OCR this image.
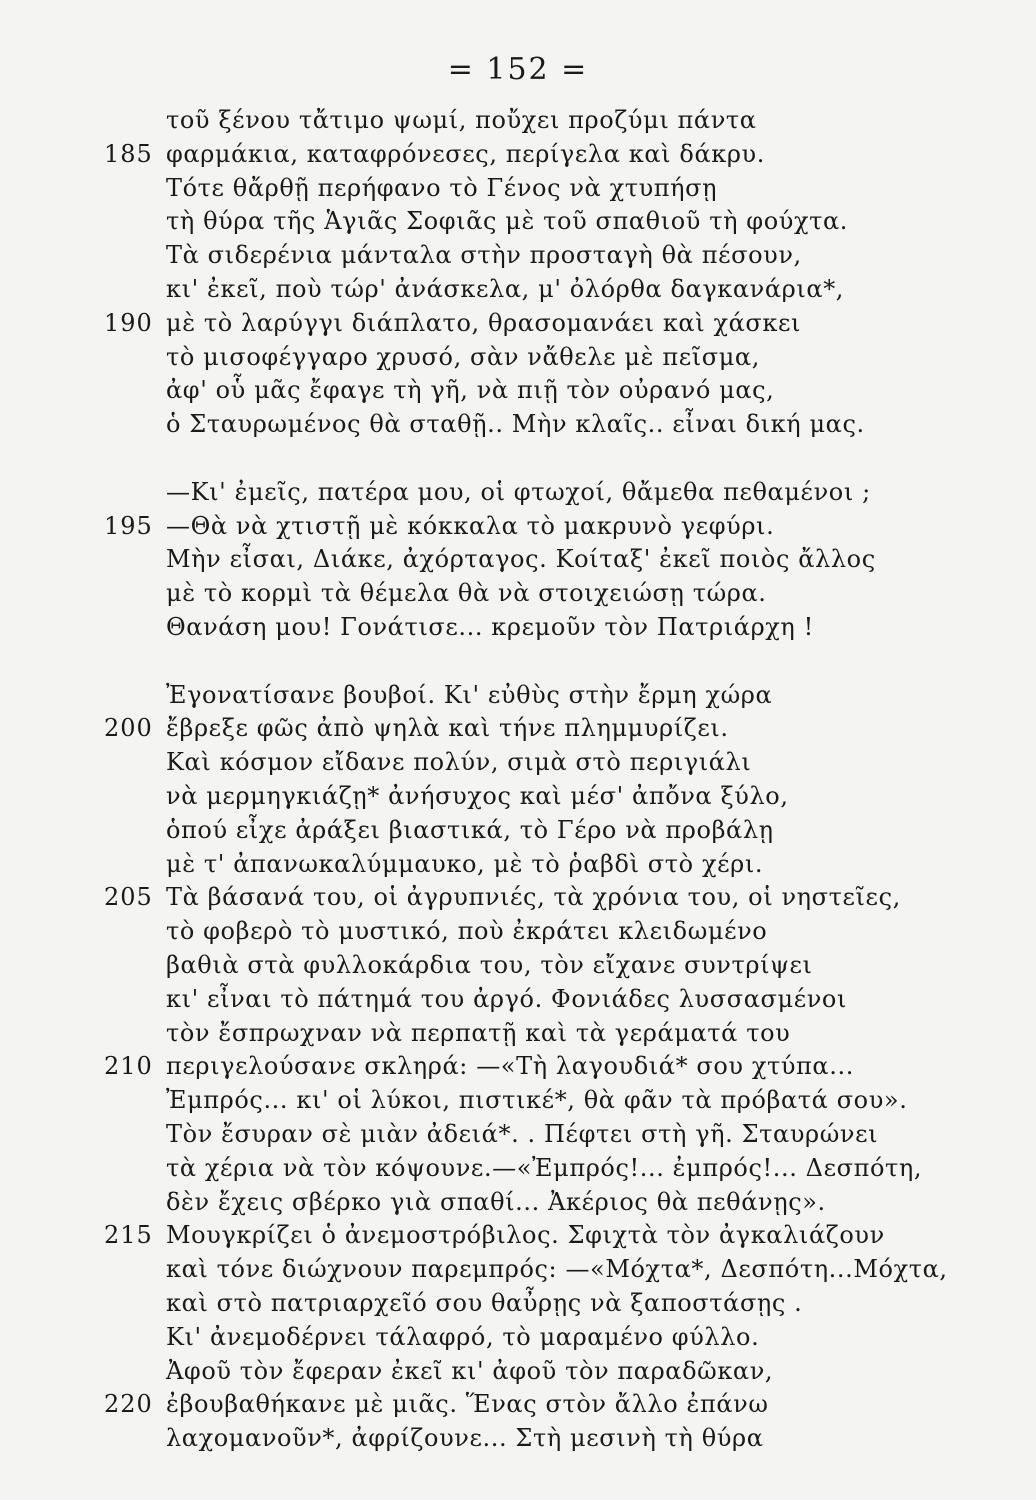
= 152 =
τοῦ ξένου τἄτιμο ψωμί, ποὔχει προζύμι πάντα
185 φαρμάκια, καταφρόνεσες, περίγελα καὶ δάκρυ.
Τότε θἄρθῇ περήφανο τὸ Γένος νὰ χτυπήσῃ
τὴ θύρα τῆς Ἁγιᾶς Σοφιᾶς μὲ τοῦ σπαθιοῦ τὴ φούχτα.
Τὰ σιδερένια μάνταλα στὴν προσταγὴ θὰ πέσουν,
κι' ἐκεῖ, ποὺ τώρ' ἀνάσκελα, μ' ὀλόρθα δαγκανάρια*,
190 μὲ τὸ λαρύγγι διάπλατο, θρασομανάει καὶ χάσκει
τὸ μισοφέγγαρο χρυσό, σὰν νἄθελε μὲ πεῖσμα,
ἀφ' οὗ μᾶς ἔφαγε τὴ γῆ, νὰ πιῇ τὸν οὐρανό μας,
ὁ Σταυρωμένος θὰ σταθῇ.. Μὴν κλαῖς.. εἶναι δική μας.
—Κι' ἐμεῖς, πατέρα μου, οἱ φτωχοί, θἄμεθα πεθαμένοι ;
195 —Θὰ νὰ χτιστῇ μὲ κόκκαλα τὸ μακρυνὸ γεφύρι.
Μὴν εἶσαι, Διάκε, ἀχόρταγος. Κοίταξ' ἐκεῖ ποιὸς ἄλλος
μὲ τὸ κορμὶ τὰ θέμελα θὰ νὰ στοιχειώσῃ τώρα.
Θανάση μου! Γονάτισε... κρεμοῦν τὸν Πατριάρχη !
Ἐγονατίσανε βουβοί. Κι' εὐθὺς στὴν ἔρμη χώρα
200 ἔβρεξε φῶς ἀπὸ ψηλὰ καὶ τήνε πλημμυρίζει.
Καὶ κόσμον εἴδανε πολύν, σιμὰ στὸ περιγιάλι
νὰ μερμηγκιάζῃ* ἀνήσυχος καὶ μέσ' ἀπὄνα ξύλο,
ὁπού εἶχε ἀράξει βιαστικά, τὸ Γέρο νὰ προβάλῃ
μὲ τ' ἀπανωκαλύμμαυκο, μὲ τὸ ῥαβδὶ στὸ χέρι.
205 Τὰ βάσανά του, οἱ ἀγρυπνιές, τὰ χρόνια του, οἱ νηστεῖες,
τὸ φοβερὸ τὸ μυστικό, ποὺ ἐκράτει κλειδωμένο
βαθιὰ στὰ φυλλοκάρδια του, τὸν εἴχανε συντρίψει
κι' εἶναι τὸ πάτημά του ἀργό. Φονιάδες λυσσασμένοι
τὸν ἔσπρωχναν νὰ περπατῇ καὶ τὰ γεράματά του
210 περιγελούσανε σκληρά: —«Τὴ λαγουδιά* σου χτύπα...
Ἐμπρός... κι' οἱ λύκοι, πιστικέ*, θὰ φᾶν τὰ πρόβατά σου».
Τὸν ἔσυραν σὲ μιὰν ἀδειά*. . Πέφτει στὴ γῆ. Σταυρώνει
τὰ χέρια νὰ τὸν κόψουνε.—«Ἐμπρός!... ἐμπρός!... Δεσπότη,
δὲν ἔχεις σβέρκο γιὰ σπαθί... Ἀκέριος θὰ πεθάνῃς».
215 Μουγκρίζει ὁ ἀνεμοστρόβιλος. Σφιχτὰ τὸν ἀγκαλιάζουν
καὶ τόνε διώχνουν παρεμπρός: —«Μόχτα*, Δεσπότη...Μόχτα,
καὶ στὸ πατριαρχεῖό σου θαὖρῃς νὰ ξαποστάσῃς .
Κι' ἀνεμοδέρνει τάλαφρό, τὸ μαραμένο φύλλο.
Ἀφοῦ τὸν ἔφεραν ἐκεῖ κι' ἀφοῦ τὸν παραδῶκαν,
220 ἐβουβαθήκανε μὲ μιᾶς. Ἕνας στὸν ἄλλο ἐπάνω
λαχομανοῦν*, ἀφρίζουνε... Στὴ μεσινὴ τὴ θύρα
